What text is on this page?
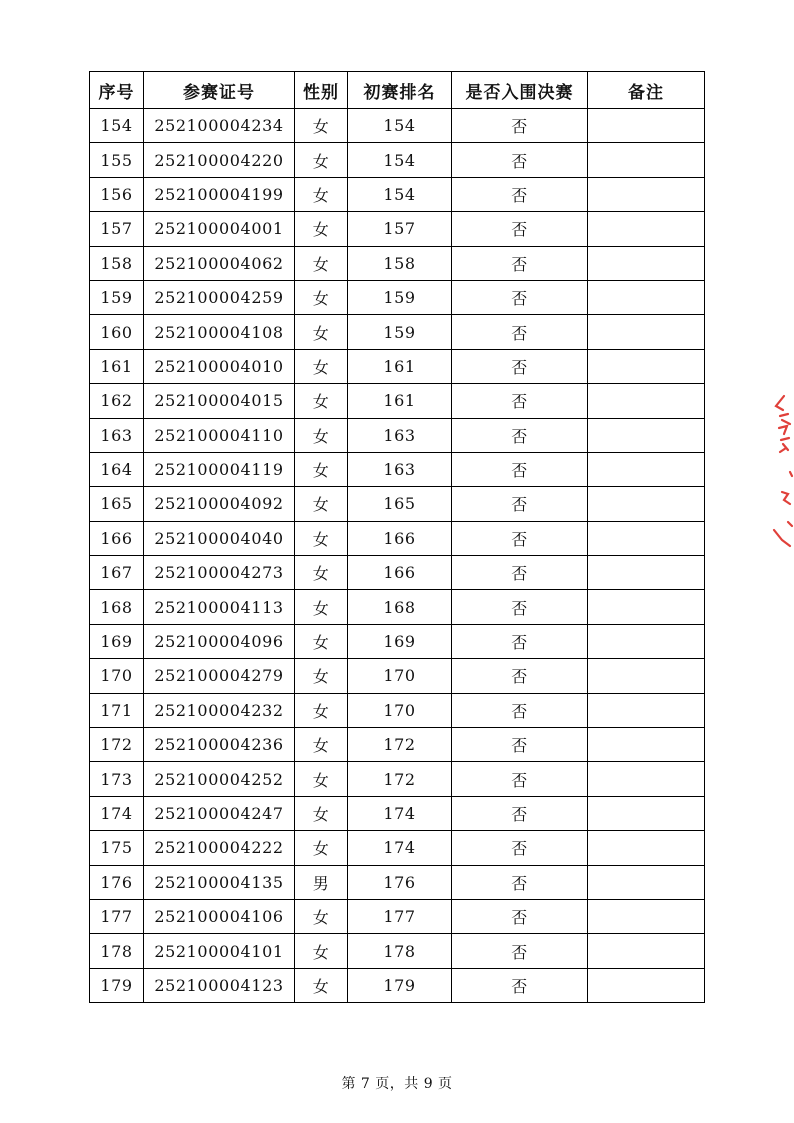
序号	参赛证号	性别	初赛排名	是否入围决赛	备注
154	252100004234	女	154	否	
155	252100004220	女	154	否	
156	252100004199	女	154	否	
157	252100004001	女	157	否	
158	252100004062	女	158	否	
159	252100004259	女	159	否	
160	252100004108	女	159	否	
161	252100004010	女	161	否	
162	252100004015	女	161	否	
163	252100004110	女	163	否	
164	252100004119	女	163	否	
165	252100004092	女	165	否	
166	252100004040	女	166	否	
167	252100004273	女	166	否	
168	252100004113	女	168	否	
169	252100004096	女	169	否	
170	252100004279	女	170	否	
171	252100004232	女	170	否	
172	252100004236	女	172	否	
173	252100004252	女	172	否	
174	252100004247	女	174	否	
175	252100004222	女	174	否	
176	252100004135	男	176	否	
177	252100004106	女	177	否	
178	252100004101	女	178	否	
179	252100004123	女	179	否	
第 7 页，共 9 页
